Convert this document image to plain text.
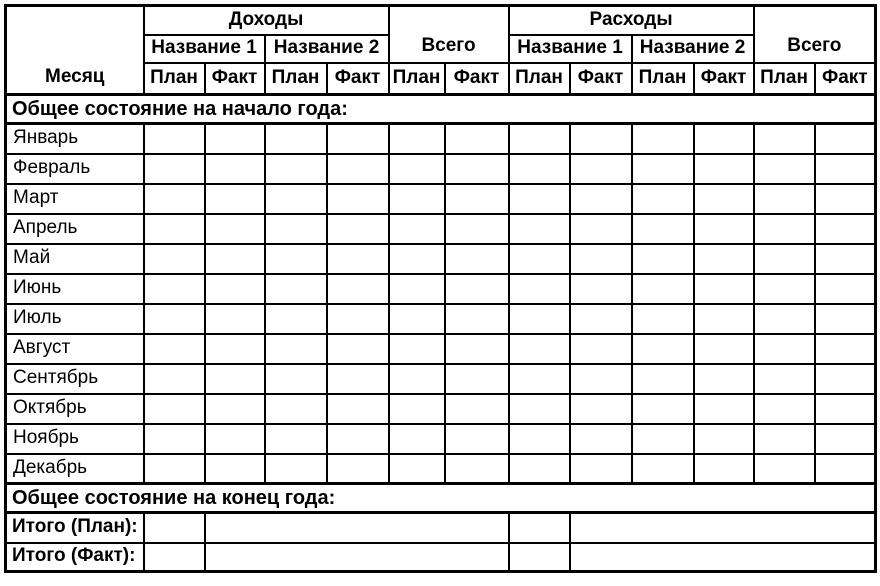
Месяц	Доходы				Всего		Расходы				Всего	
	Название 1		Название 2				Название 1		Название 2			
	План	Факт	План	Факт	План	Факт	План	Факт	План	Факт	План	Факт
Общее состояние на начало года:												
Январь												
Февраль												
Март												
Апрель												
Май												
Июнь												
Июль												
Август												
Сентябрь												
Октябрь												
Ноябрь												
Декабрь												
Общее состояние на конец года:												
Итого (План):												
Итого (Факт):												
